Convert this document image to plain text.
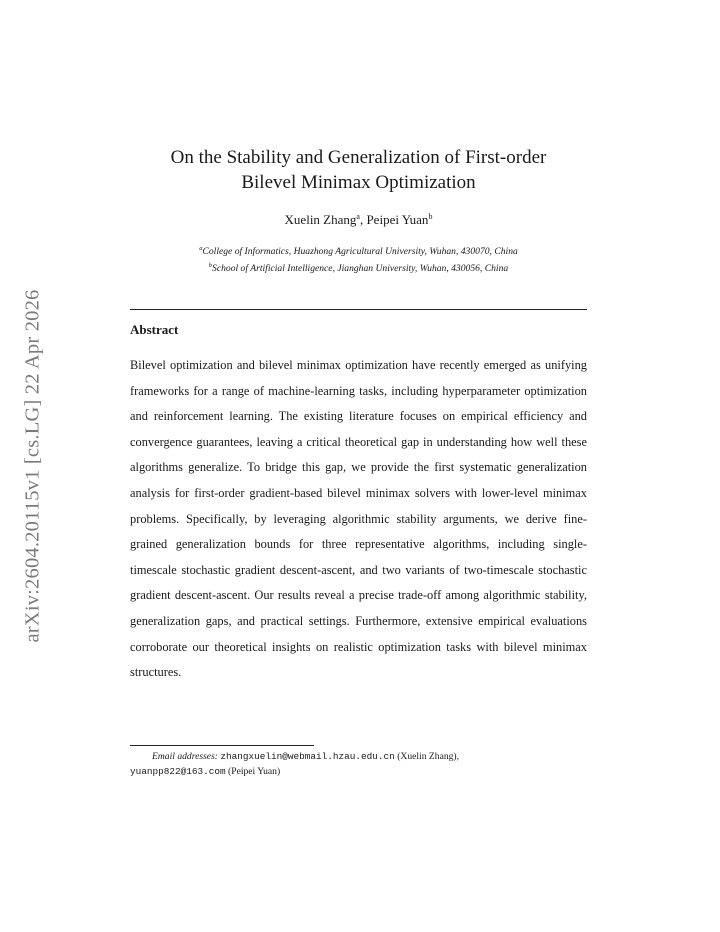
arXiv:2604.20115v1 [cs.LG] 22 Apr 2026
On the Stability and Generalization of First-order
Bilevel Minimax Optimization
Xuelin Zhang$^a$, Peipei Yuan$^b$
$^a$College of Informatics, Huazhong Agricultural University, Wuhan, 430070, China
$^b$School of Artificial Intelligence, Jianghan University, Wuhan, 430056, China
Abstract
Bilevel optimization and bilevel minimax optimization have recently emerged as unifying frameworks for a range of machine-learning tasks, including hyperparameter optimization and reinforcement learning. The existing literature focuses on empirical efficiency and convergence guarantees, leaving a critical theoretical gap in understanding how well these algorithms generalize. To bridge this gap, we provide the first systematic generalization analysis for first-order gradient-based bilevel minimax solvers with lower-level minimax problems. Specifically, by leveraging algorithmic stability arguments, we derive fine-grained generalization bounds for three representative algorithms, including single-timescale stochastic gradient descent-ascent, and two variants of two-timescale stochastic gradient descent-ascent. Our results reveal a precise trade-off among algorithmic stability, generalization gaps, and practical settings. Furthermore, extensive empirical evaluations corroborate our theoretical insights on realistic optimization tasks with bilevel minimax structures.
Email addresses: zhangxuelin@webmail.hzau.edu.cn (Xuelin Zhang),
yuanpp822@163.com (Peipei Yuan)
